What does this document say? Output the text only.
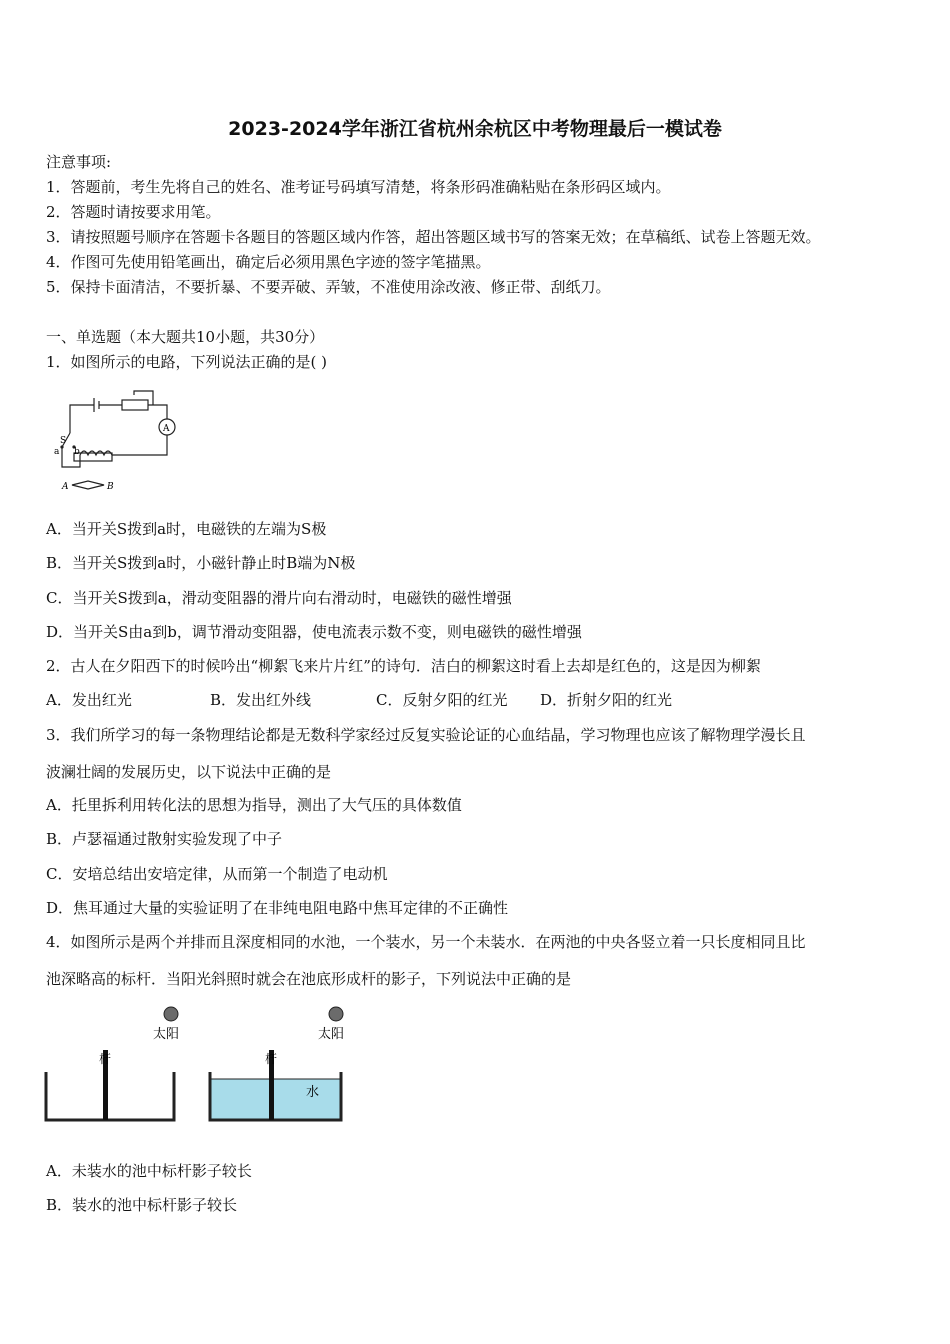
2023-2024学年浙江省杭州余杭区中考物理最后一模试卷
注意事项:
1．答题前，考生先将自己的姓名、准考证号码填写清楚，将条形码准确粘贴在条形码区域内。
2．答题时请按要求用笔。
3．请按照题号顺序在答题卡各题目的答题区域内作答，超出答题区域书写的答案无效；在草稿纸、试卷上答题无效。
4．作图可先使用铅笔画出，确定后必须用黑色字迹的签字笔描黑。
5．保持卡面清洁，不要折暴、不要弄破、弄皱，不准使用涂改液、修正带、刮纸刀。
一、单选题（本大题共10小题，共30分）
1．如图所示的电路，下列说法正确的是( )
S
a b
A
A	B
A．当开关S拨到a时，电磁铁的左端为S极
B．当开关S拨到a时，小磁针静止时B端为N极
C．当开关S拨到a，滑动变阻器的滑片向右滑动时，电磁铁的磁性增强
D．当开关S由a到b，调节滑动变阻器，使电流表示数不变，则电磁铁的磁性增强
2．古人在夕阳西下的时候吟出“柳絮飞来片片红”的诗句．洁白的柳絮这时看上去却是红色的，这是因为柳絮
A．发出红光	B．发出红外线	C．反射夕阳的红光 D．折射夕阳的红光
3．我们所学习的每一条物理结论都是无数科学家经过反复实验论证的心血结晶，学习物理也应该了解物理学漫长且
波澜壮阔的发展历史，以下说法中正确的是
A．托里拆利用转化法的思想为指导，测出了大气压的具体数值
B．卢瑟福通过散射实验发现了中子
C．安培总结出安培定律，从而第一个制造了电动机
D．焦耳通过大量的实验证明了在非纯电阻电路中焦耳定律的不正确性
4．如图所示是两个并排而且深度相同的水池，一个装水，另一个未装水．在两池的中央各竖立着一只长度相同且比
池深略高的标杆．当阳光斜照时就会在池底形成杆的影子，下列说法中正确的是
太阳	太阳
杆	杆
水
A．未装水的池中标杆影子较长
B．装水的池中标杆影子较长
